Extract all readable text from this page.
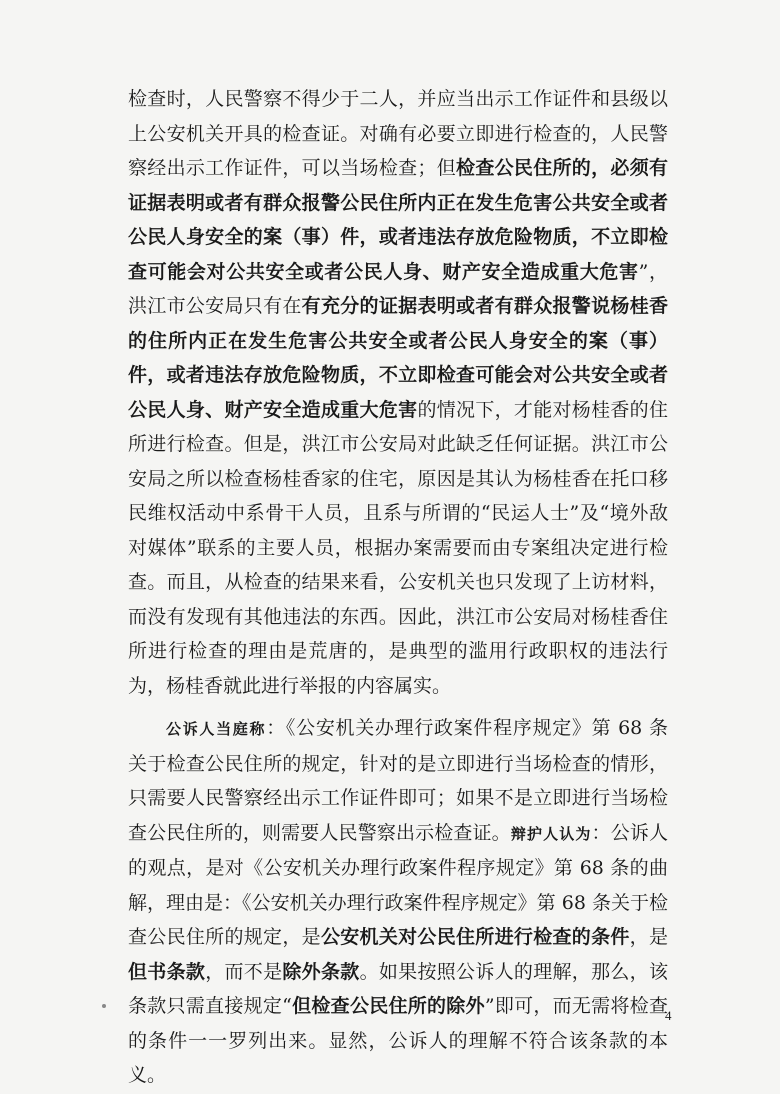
检查时，人民警察不得少于二人，并应当出示工作证件和县级以上公安机关开具的检查证。对确有必要立即进行检查的，人民警察经出示工作证件，可以当场检查；但检查公民住所的，必须有证据表明或者有群众报警公民住所内正在发生危害公共安全或者公民人身安全的案（事）件，或者违法存放危险物质，不立即检查可能会对公共安全或者公民人身、财产安全造成重大危害”，洪江市公安局只有在有充分的证据表明或者有群众报警说杨桂香的住所内正在发生危害公共安全或者公民人身安全的案（事）件，或者违法存放危险物质，不立即检查可能会对公共安全或者公民人身、财产安全造成重大危害的情况下，才能对杨桂香的住所进行检查。但是，洪江市公安局对此缺乏任何证据。洪江市公安局之所以检查杨桂香家的住宅，原因是其认为杨桂香在托口移民维权活动中系骨干人员，且系与所谓的“民运人士”及“境外敌对媒体”联系的主要人员，根据办案需要而由专案组决定进行检查。而且，从检查的结果来看，公安机关也只发现了上访材料，而没有发现有其他违法的东西。因此，洪江市公安局对杨桂香住所进行检查的理由是荒唐的，是典型的滥用行政职权的违法行为，杨桂香就此进行举报的内容属实。

公诉人当庭称：《公安机关办理行政案件程序规定》第 68 条关于检查公民住所的规定，针对的是立即进行当场检查的情形，只需要人民警察经出示工作证件即可；如果不是立即进行当场检查公民住所的，则需要人民警察出示检查证。辩护人认为：公诉人的观点，是对《公安机关办理行政案件程序规定》第 68 条的曲解，理由是：《公安机关办理行政案件程序规定》第 68 条关于检查公民住所的规定，是公安机关对公民住所进行检查的条件，是但书条款，而不是除外条款。如果按照公诉人的理解，那么，该条款只需直接规定“但检查公民住所的除外”即可，而无需将检查的条件一一罗列出来。显然，公诉人的理解不符合该条款的本义。

4
